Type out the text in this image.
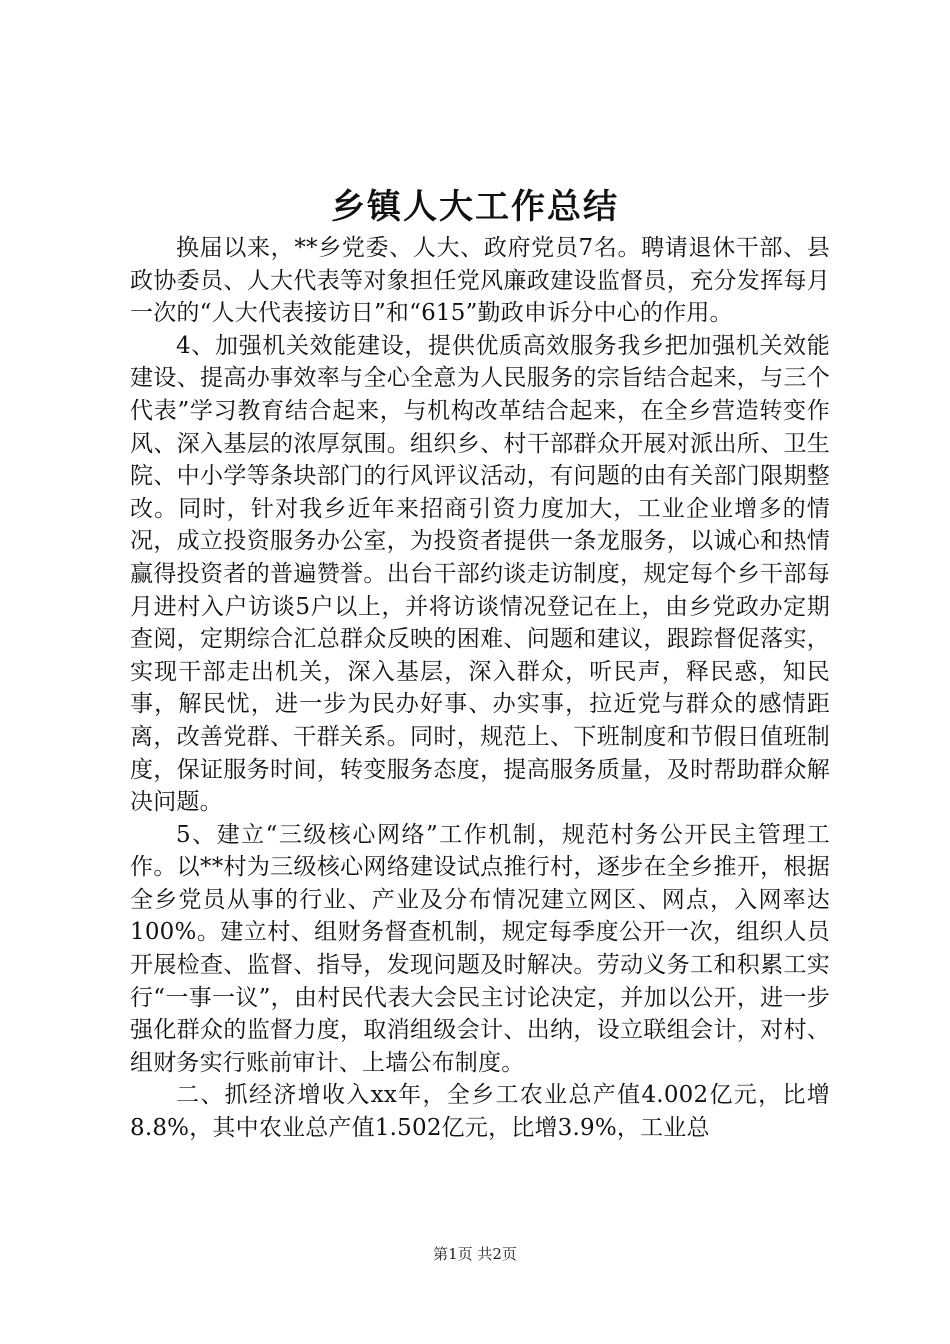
乡镇人大工作总结

换届以来，**乡党委、人大、政府党员7名。聘请退休干部、县政协委员、人大代表等对象担任党风廉政建设监督员，充分发挥每月一次的“人大代表接访日”和“615”勤政申诉分中心的作用。

4、加强机关效能建设，提供优质高效服务我乡把加强机关效能建设、提高办事效率与全心全意为人民服务的宗旨结合起来，与三个代表”学习教育结合起来，与机构改革结合起来，在全乡营造转变作风、深入基层的浓厚氛围。组织乡、村干部群众开展对派出所、卫生院、中小学等条块部门的行风评议活动，有问题的由有关部门限期整改。同时，针对我乡近年来招商引资力度加大，工业企业增多的情况，成立投资服务办公室，为投资者提供一条龙服务，以诚心和热情赢得投资者的普遍赞誉。出台干部约谈走访制度，规定每个乡干部每月进村入户访谈5户以上，并将访谈情况登记在上，由乡党政办定期查阅，定期综合汇总群众反映的困难、问题和建议，跟踪督促落实，实现干部走出机关，深入基层，深入群众，听民声，释民惑，知民事，解民忧，进一步为民办好事、办实事，拉近党与群众的感情距离，改善党群、干群关系。同时，规范上、下班制度和节假日值班制度，保证服务时间，转变服务态度，提高服务质量，及时帮助群众解决问题。

5、建立“三级核心网络”工作机制，规范村务公开民主管理工作。以**村为三级核心网络建设试点推行村，逐步在全乡推开，根据全乡党员从事的行业、产业及分布情况建立网区、网点，入网率达100%。建立村、组财务督查机制，规定每季度公开一次，组织人员开展检查、监督、指导，发现问题及时解决。劳动义务工和积累工实行“一事一议”，由村民代表大会民主讨论决定，并加以公开，进一步强化群众的监督力度，取消组级会计、出纳，设立联组会计，对村、组财务实行账前审计、上墙公布制度。

二、抓经济增收入xx年，全乡工农业总产值4.002亿元，比增8.8%，其中农业总产值1.502亿元，比增3.9%，工业总

第1页 共2页
